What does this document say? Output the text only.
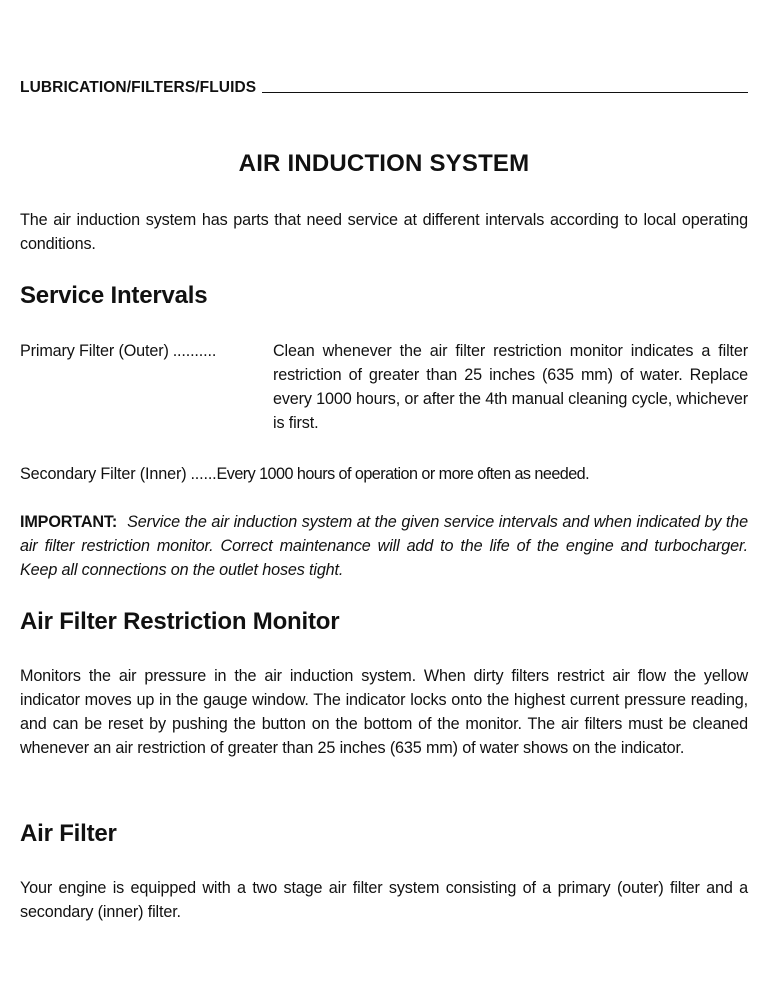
LUBRICATION/FILTERS/FLUIDS
AIR INDUCTION SYSTEM
The air induction system has parts that need service at different intervals according to local operating conditions.
Service Intervals
Primary Filter (Outer) ..........	Clean whenever the air filter restriction monitor indicates a filter restriction of greater than 25 inches (635 mm) of water. Replace every 1000 hours, or after the 4th manual cleaning cycle, whichever is first.
Secondary Filter (Inner) ...... Every 1000 hours of operation or more often as needed.
IMPORTANT: Service the air induction system at the given service intervals and when indicated by the air filter restriction monitor. Correct maintenance will add to the life of the engine and turbocharger. Keep all connections on the outlet hoses tight.
Air Filter Restriction Monitor
Monitors the air pressure in the air induction system. When dirty filters restrict air flow the yellow indicator moves up in the gauge window. The indicator locks onto the highest current pressure reading, and can be reset by pushing the button on the bottom of the monitor. The air filters must be cleaned whenever an air restriction of greater than 25 inches (635 mm) of water shows on the indicator.
Air Filter
Your engine is equipped with a two stage air filter system consisting of a primary (outer) filter and a secondary (inner) filter.
